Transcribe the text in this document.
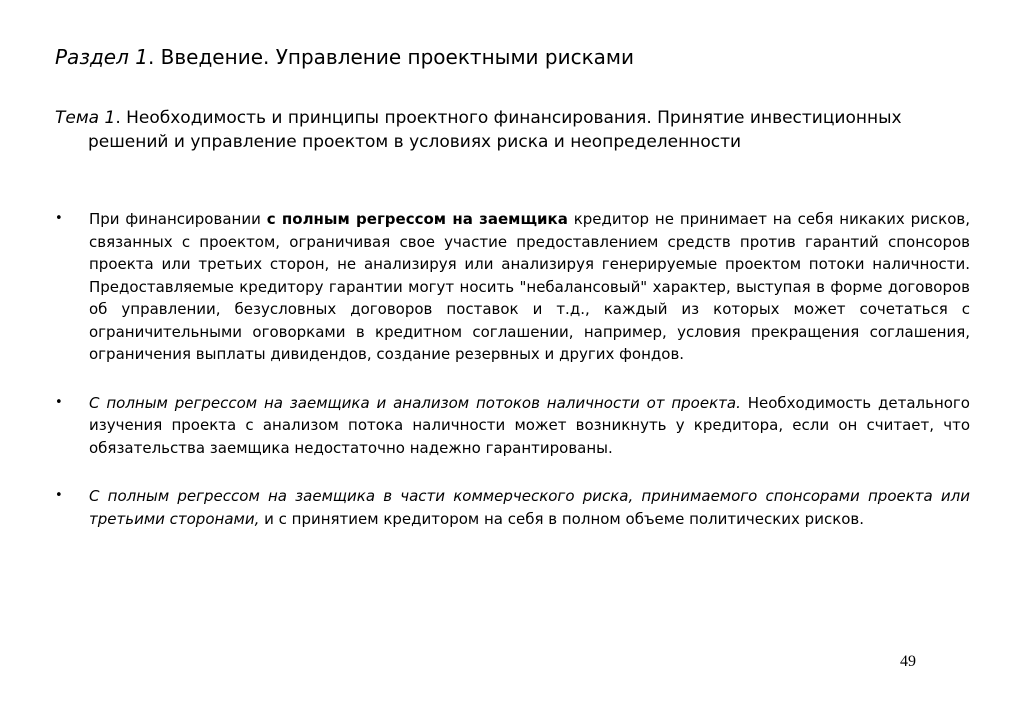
Раздел 1. Введение. Управление проектными рисками

Тема 1. Необходимость и принципы проектного финансирования. Принятие инвестиционных решений и управление проектом в условиях риска и неопределенности

• При финансировании с полным регрессом на заемщика кредитор не принимает на себя никаких рисков, связанных с проектом, ограничивая свое участие предоставлением средств против гарантий спонсоров проекта или третьих сторон, не анализируя или анализируя генерируемые проектом потоки наличности. Предоставляемые кредитору гарантии могут носить "небалансовый" характер, выступая в форме договоров об управлении, безусловных договоров поставок и т.д., каждый из которых может сочетаться с ограничительными оговорками в кредитном соглашении, например, условия прекращения соглашения, ограничения выплаты дивидендов, создание резервных и других фондов.
• С полным регрессом на заемщика и анализом потоков наличности от проекта. Необходимость детального изучения проекта с анализом потока наличности может возникнуть у кредитора, если он считает, что обязательства заемщика недостаточно надежно гарантированы.
• С полным регрессом на заемщика в части коммерческого риска, принимаемого спонсорами проекта или третьими сторонами, и с принятием кредитором на себя в полном объеме политических рисков.
49
